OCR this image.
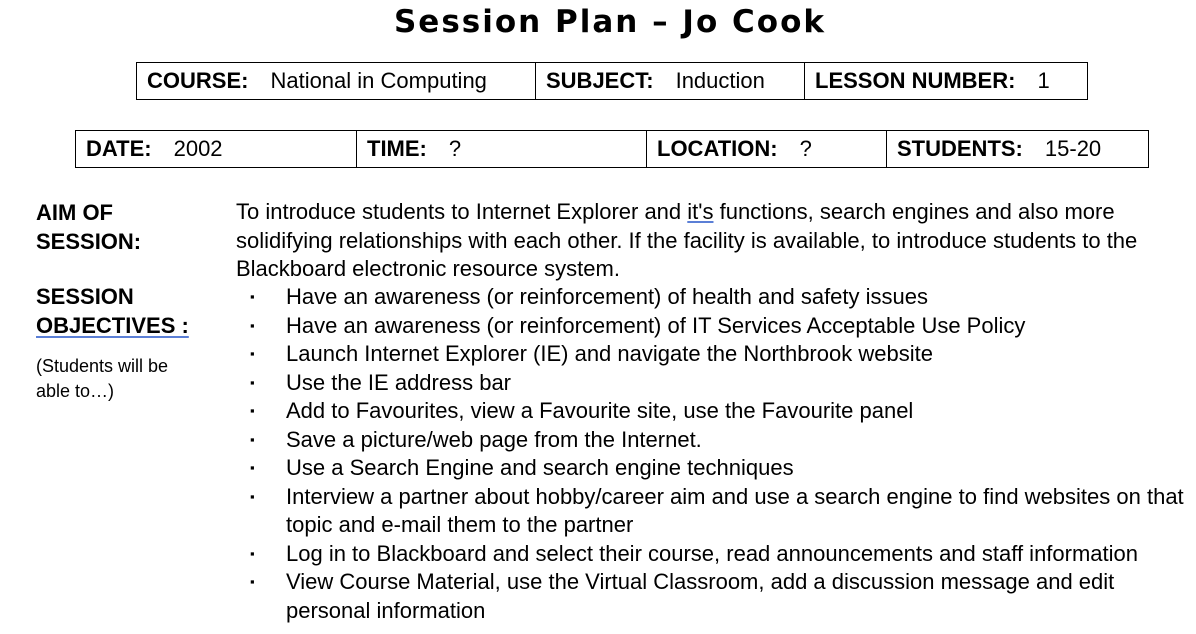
Session Plan – Jo Cook
COURSE: National in Computing	SUBJECT: Induction	LESSON NUMBER: 1
DATE: 2002	TIME: ?	LOCATION: ?	STUDENTS: 15-20
AIM OF SESSION:
To introduce students to Internet Explorer and it's functions, search engines and also more solidifying relationships with each other. If the facility is available, to introduce students to the Blackboard electronic resource system.
SESSION
OBJECTIVES :
(Students will be able to…)
▪ Have an awareness (or reinforcement) of health and safety issues
▪ Have an awareness (or reinforcement) of IT Services Acceptable Use Policy
▪ Launch Internet Explorer (IE) and navigate the Northbrook website
▪ Use the IE address bar
▪ Add to Favourites, view a Favourite site, use the Favourite panel
▪ Save a picture/web page from the Internet.
▪ Use a Search Engine and search engine techniques
▪ Interview a partner about hobby/career aim and use a search engine to find websites on that topic and e-mail them to the partner
▪ Log in to Blackboard and select their course, read announcements and staff information
▪ View Course Material, use the Virtual Classroom, add a discussion message and edit personal information
